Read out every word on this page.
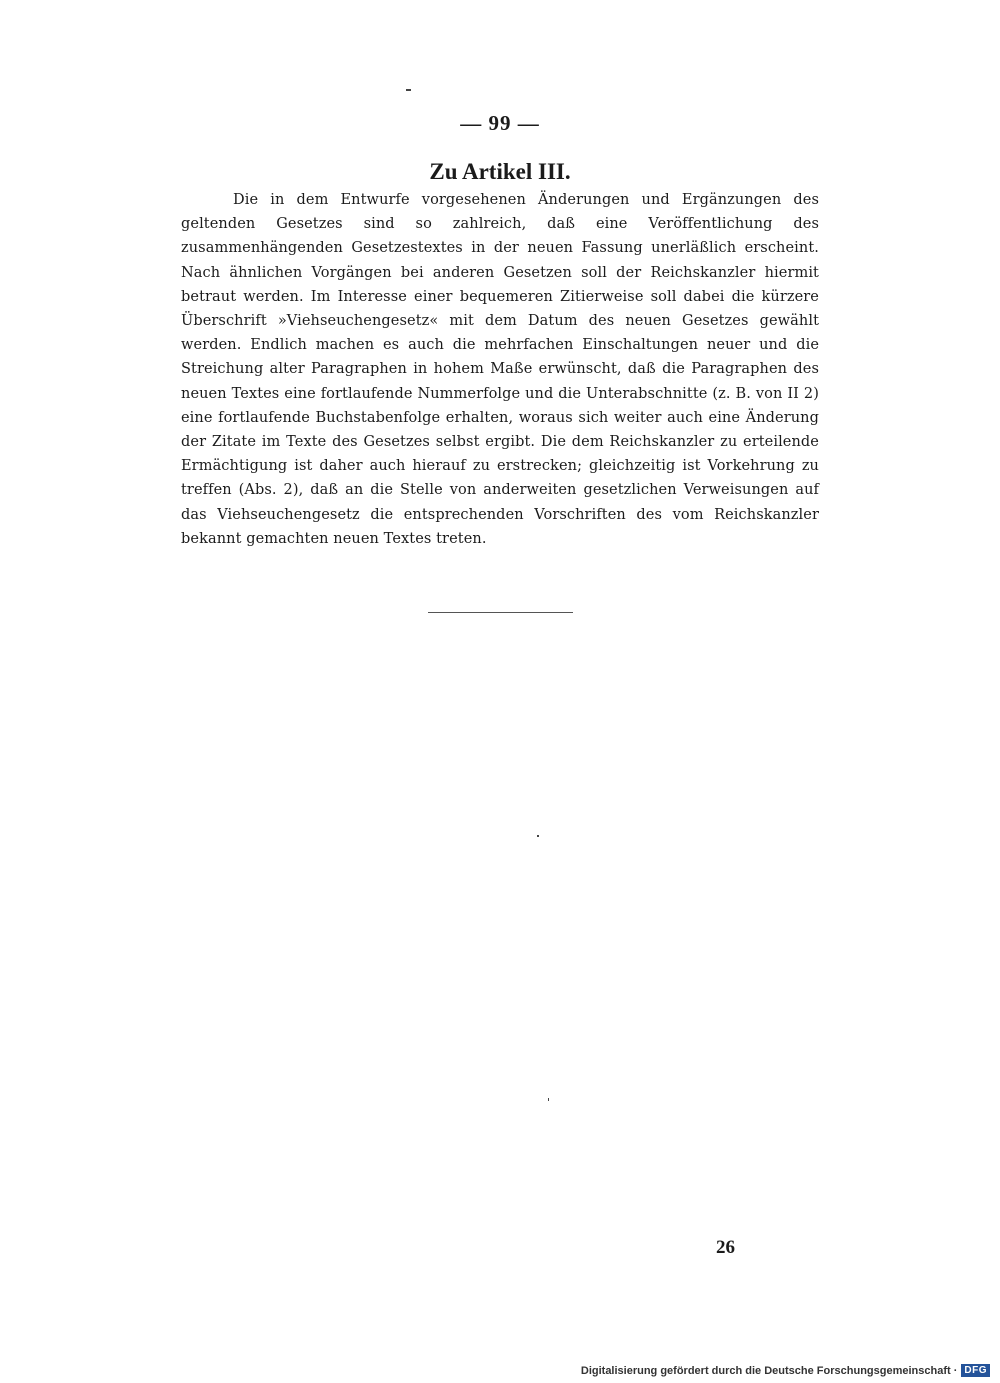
— 99 —
Zu Artikel III.
Die in dem Entwurfe vorgesehenen Änderungen und Ergänzungen des geltenden Gesetzes sind so zahlreich, daß eine Veröffentlichung des zusammenhängenden Gesetzestextes in der neuen Fassung unerläßlich erscheint. Nach ähnlichen Vorgängen bei anderen Gesetzen soll der Reichskanzler hiermit betraut werden. Im Interesse einer bequemeren Zitierweise soll dabei die kürzere Überschrift »Viehseuchengesetz« mit dem Datum des neuen Gesetzes gewählt werden. Endlich machen es auch die mehrfachen Einschaltungen neuer und die Streichung alter Paragraphen in hohem Maße erwünscht, daß die Paragraphen des neuen Textes eine fortlaufende Nummerfolge und die Unterabschnitte (z. B. von II 2) eine fortlaufende Buchstabenfolge erhalten, woraus sich weiter auch eine Änderung der Zitate im Texte des Gesetzes selbst ergibt. Die dem Reichskanzler zu erteilende Ermächtigung ist daher auch hierauf zu erstrecken; gleichzeitig ist Vorkehrung zu treffen (Abs. 2), daß an die Stelle von anderweiten gesetzlichen Verweisungen auf das Viehseuchengesetz die entsprechenden Vorschriften des vom Reichskanzler bekannt gemachten neuen Textes treten.
26
Digitalisierung gefördert durch die Deutsche Forschungsgemeinschaft · DFG
